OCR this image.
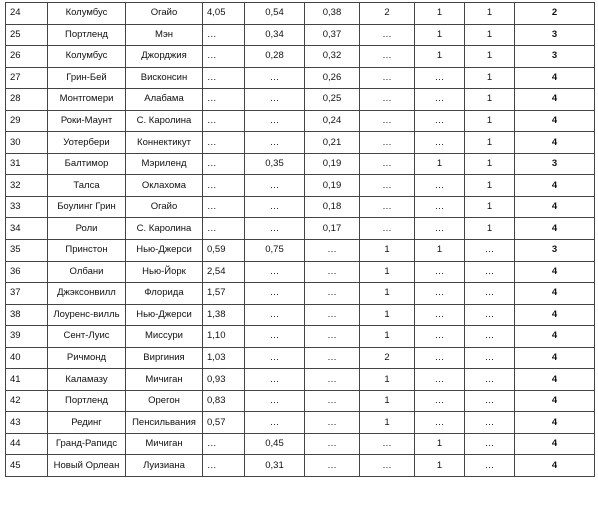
24	Колумбус	Огайо	4,05	0,54	0,38	2	1	1	2
25	Портленд	Мэн	…	0,34	0,37	…	1	1	3
26	Колумбус	Джорджия	…	0,28	0,32	…	1	1	3
27	Грин-Бей	Висконсин	…	…	0,26	…	…	1	4
28	Монтгомери	Алабама	…	…	0,25	…	…	1	4
29	Роки-Маунт	С. Каролина	…	…	0,24	…	…	1	4
30	Уотербери	Коннектикут	…	…	0,21	…	…	1	4
31	Балтимор	Мэриленд	…	0,35	0,19	…	1	1	3
32	Талса	Оклахома	…	…	0,19	…	…	1	4
33	Боулинг Грин	Огайо	…	…	0,18	…	…	1	4
34	Роли	С. Каролина	…	…	0,17	…	…	1	4
35	Принстон	Нью-Джерси	0,59	0,75	…	1	1	…	3
36	Олбани	Нью-Йорк	2,54	…	…	1	…	…	4
37	Джэксонвилл	Флорида	1,57	…	…	1	…	…	4
38	Лоуренс-вилль	Нью-Джерси	1,38	…	…	1	…	…	4
39	Сент-Луис	Миссури	1,10	…	…	1	…	…	4
40	Ричмонд	Виргиния	1,03	…	…	2	…	…	4
41	Каламазу	Мичиган	0,93	…	…	1	…	…	4
42	Портленд	Орегон	0,83	…	…	1	…	…	4
43	Рединг	Пенсильвания	0,57	…	…	1	…	…	4
44	Гранд-Рапидс	Мичиган	…	0,45	…	…	1	…	4
45	Новый Орлеан	Луизиана	…	0,31	…	…	1	…	4
